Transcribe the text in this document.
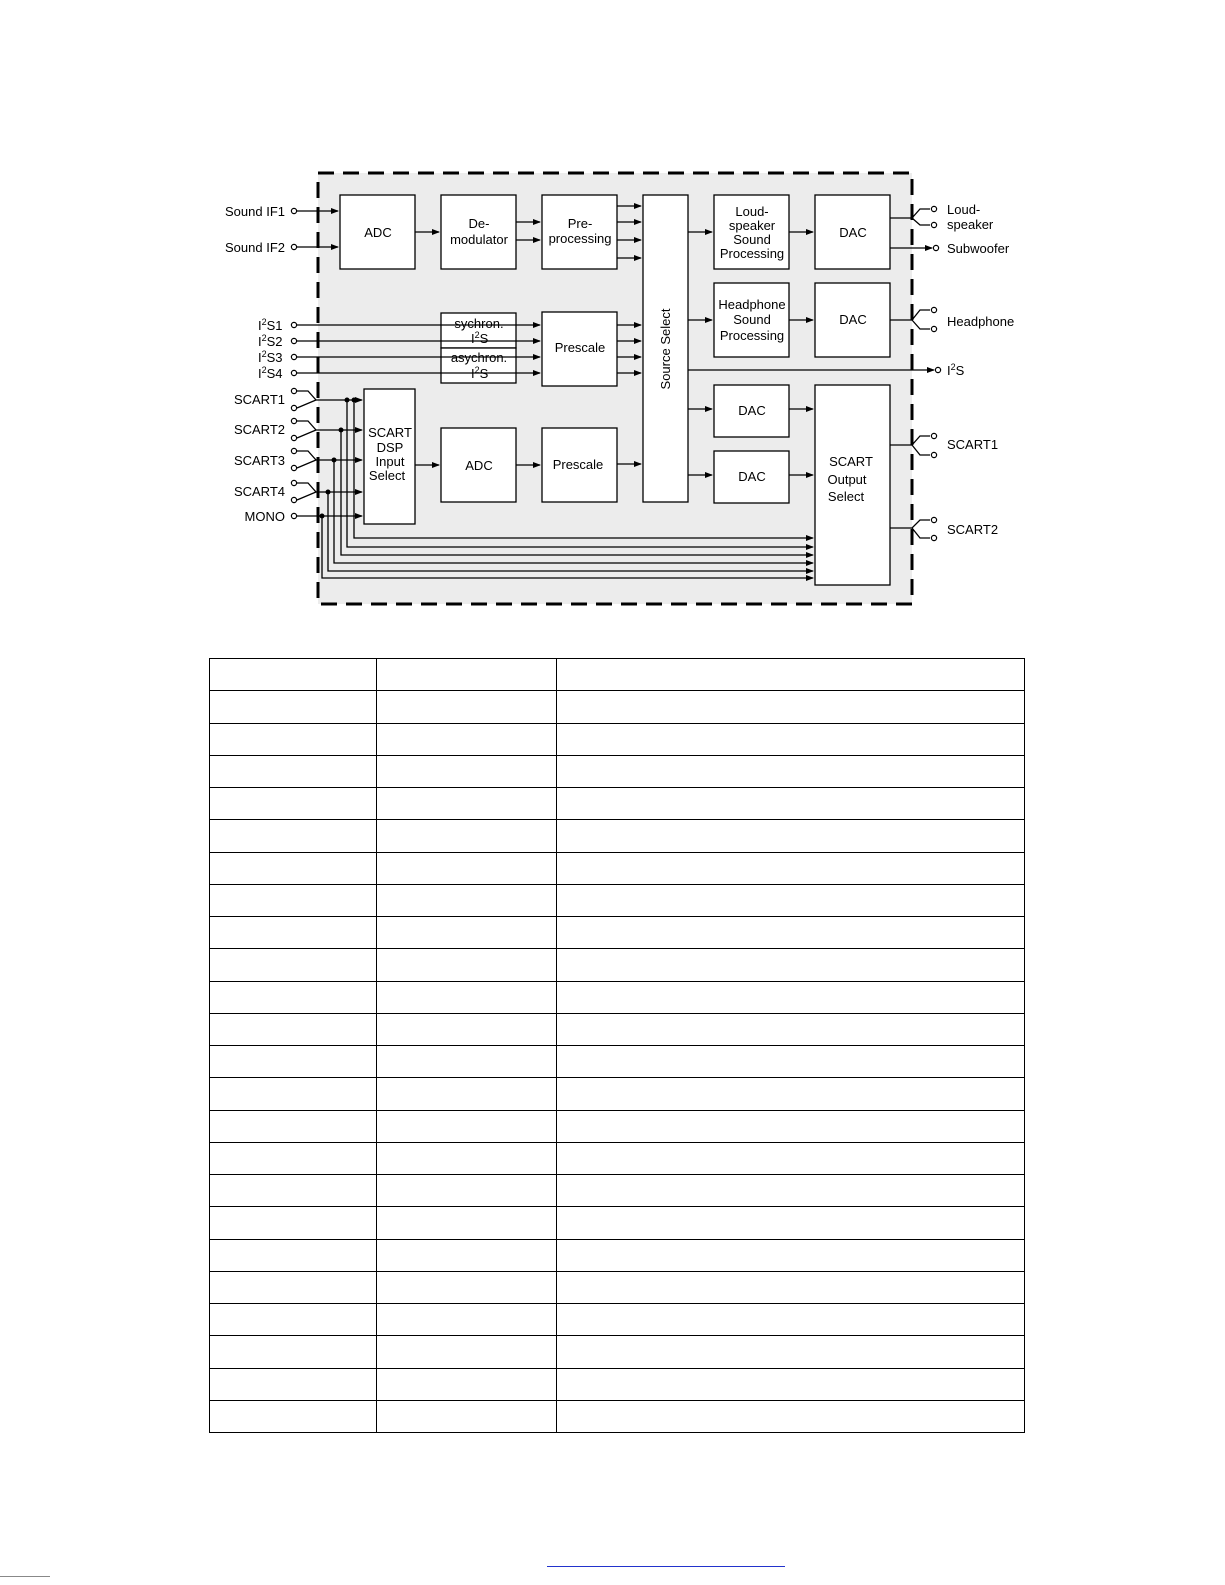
ADC
De-
modulator
Pre-
processing
sychron.
$I^2S$
asychron.
$I^2S$
Prescale
SCART
DSP
Input
Select
ADC	Prescale
Source Select
Loud-
speaker
Sound
Processing
Headphone
Sound
Processing
DAC
DAC
DAC
DAC
SCART
Output
Select
Sound IF1
Sound IF2
$I^2S1$
$I^2S2$
$I^2S3$
$I^2S4$
SCART1
SCART2
SCART3
SCART4
MONO
Loud-
speaker
Subwoofer
Headphone
$I^2S$
SCART1
SCART2
